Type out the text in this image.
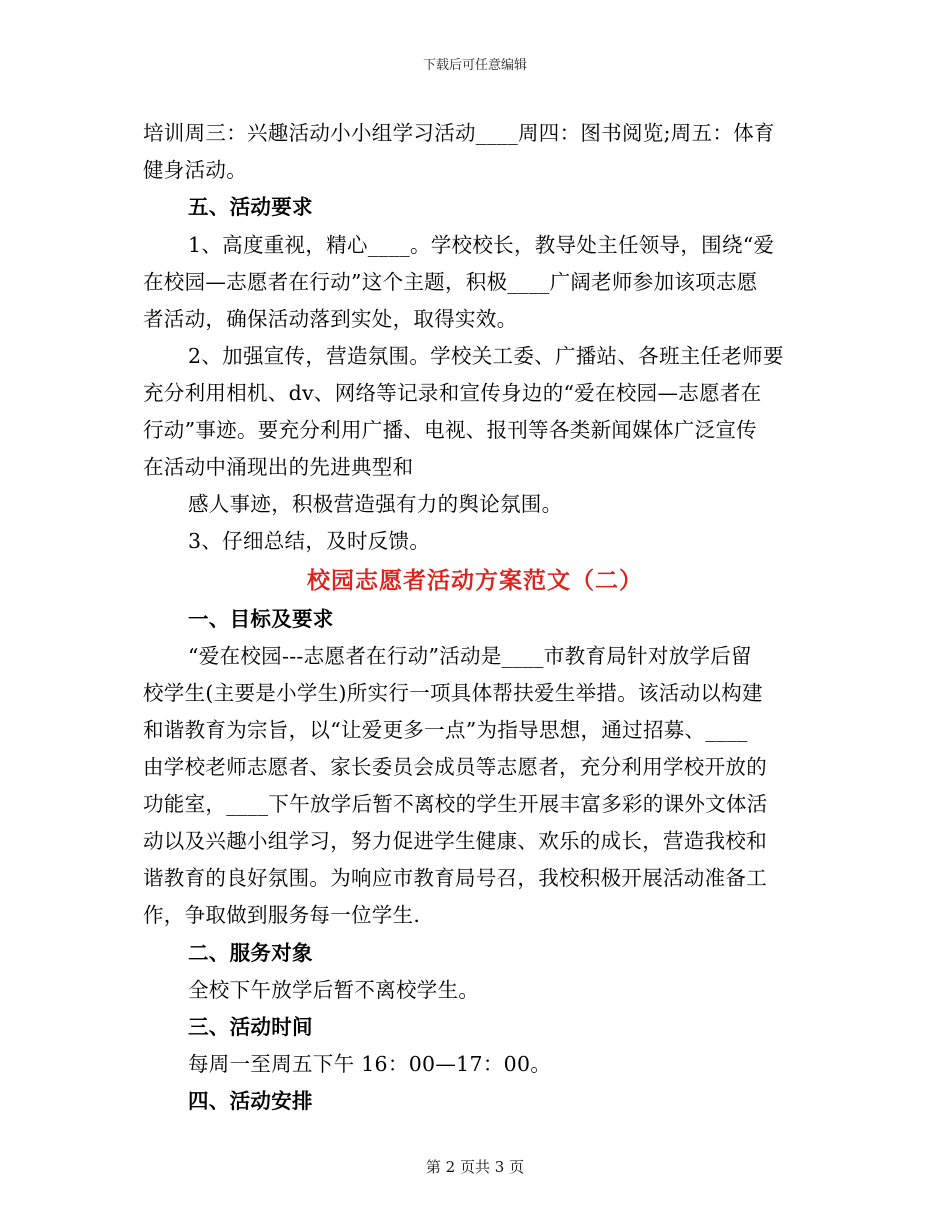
下载后可任意编辑
培训周三：兴趣活动小小组学习活动____周四：图书阅览;周五：体育
健身活动。
五、活动要求
1、高度重视，精心____。学校校长，教导处主任领导，围绕“爱
在校园—志愿者在行动”这个主题，积极____广阔老师参加该项志愿
者活动，确保活动落到实处，取得实效。
2、加强宣传，营造氛围。学校关工委、广播站、各班主任老师要
充分利用相机、dv、网络等记录和宣传身边的“爱在校园—志愿者在
行动”事迹。要充分利用广播、电视、报刊等各类新闻媒体广泛宣传
在活动中涌现出的先进典型和
感人事迹，积极营造强有力的舆论氛围。
3、仔细总结，及时反馈。
校园志愿者活动方案范文（二）
一、目标及要求
“爱在校园---志愿者在行动”活动是____市教育局针对放学后留
校学生(主要是小学生)所实行一项具体帮扶爱生举措。该活动以构建
和谐教育为宗旨，以“让爱更多一点”为指导思想，通过招募、____
由学校老师志愿者、家长委员会成员等志愿者，充分利用学校开放的
功能室，____下午放学后暂不离校的学生开展丰富多彩的课外文体活
动以及兴趣小组学习，努力促进学生健康、欢乐的成长，营造我校和
谐教育的良好氛围。为响应市教育局号召，我校积极开展活动准备工
作，争取做到服务每一位学生.
二、服务对象
全校下午放学后暂不离校学生。
三、活动时间
每周一至周五下午 16：00—17：00。
四、活动安排
第 2 页共 3 页
